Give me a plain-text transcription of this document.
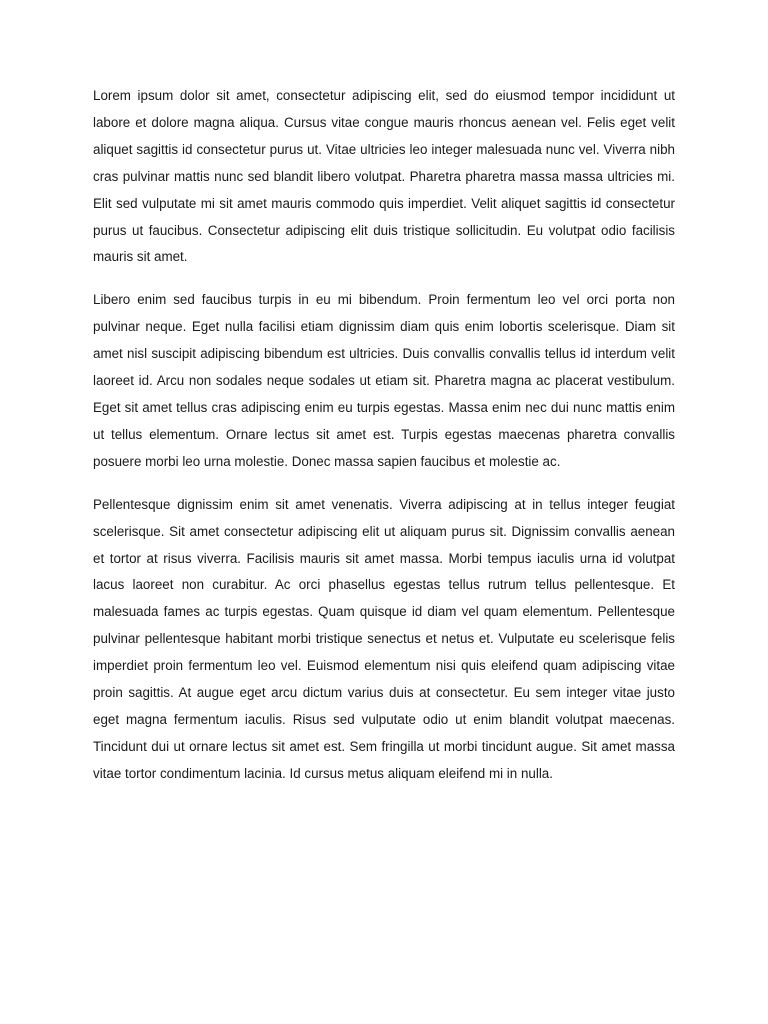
Lorem ipsum dolor sit amet, consectetur adipiscing elit, sed do eiusmod tempor incididunt ut labore et dolore magna aliqua. Cursus vitae congue mauris rhoncus aenean vel. Felis eget velit aliquet sagittis id consectetur purus ut. Vitae ultricies leo integer malesuada nunc vel. Viverra nibh cras pulvinar mattis nunc sed blandit libero volutpat. Pharetra pharetra massa massa ultricies mi. Elit sed vulputate mi sit amet mauris commodo quis imperdiet. Velit aliquet sagittis id consectetur purus ut faucibus. Consectetur adipiscing elit duis tristique sollicitudin. Eu volutpat odio facilisis mauris sit amet.

Libero enim sed faucibus turpis in eu mi bibendum. Proin fermentum leo vel orci porta non pulvinar neque. Eget nulla facilisi etiam dignissim diam quis enim lobortis scelerisque. Diam sit amet nisl suscipit adipiscing bibendum est ultricies. Duis convallis convallis tellus id interdum velit laoreet id. Arcu non sodales neque sodales ut etiam sit. Pharetra magna ac placerat vestibulum. Eget sit amet tellus cras adipiscing enim eu turpis egestas. Massa enim nec dui nunc mattis enim ut tellus elementum. Ornare lectus sit amet est. Turpis egestas maecenas pharetra convallis posuere morbi leo urna molestie. Donec massa sapien faucibus et molestie ac.

Pellentesque dignissim enim sit amet venenatis. Viverra adipiscing at in tellus integer feugiat scelerisque. Sit amet consectetur adipiscing elit ut aliquam purus sit. Dignissim convallis aenean et tortor at risus viverra. Facilisis mauris sit amet massa. Morbi tempus iaculis urna id volutpat lacus laoreet non curabitur. Ac orci phasellus egestas tellus rutrum tellus pellentesque. Et malesuada fames ac turpis egestas. Quam quisque id diam vel quam elementum. Pellentesque pulvinar pellentesque habitant morbi tristique senectus et netus et. Vulputate eu scelerisque felis imperdiet proin fermentum leo vel. Euismod elementum nisi quis eleifend quam adipiscing vitae proin sagittis. At augue eget arcu dictum varius duis at consectetur. Eu sem integer vitae justo eget magna fermentum iaculis. Risus sed vulputate odio ut enim blandit volutpat maecenas. Tincidunt dui ut ornare lectus sit amet est. Sem fringilla ut morbi tincidunt augue. Sit amet massa vitae tortor condimentum lacinia. Id cursus metus aliquam eleifend mi in nulla.
